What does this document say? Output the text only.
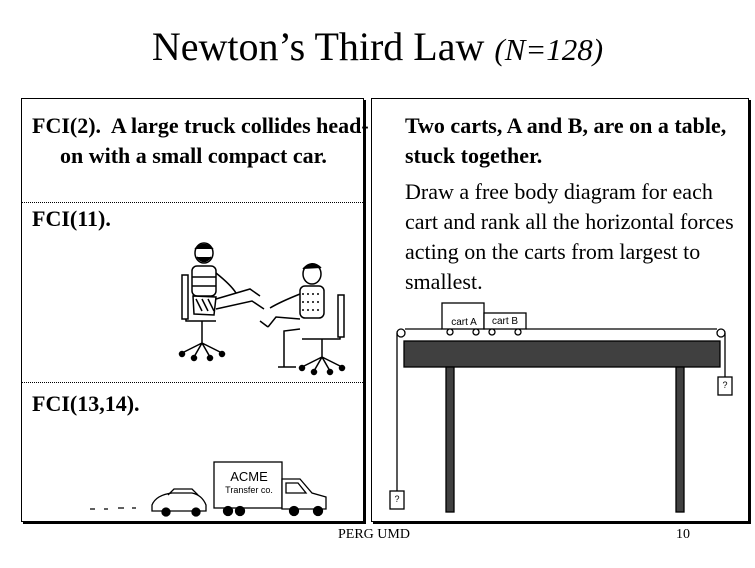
Newton’s Third Law (N=128)
FCI(2). A large truck collides head-on with a small compact car.
FCI(11).
FCI(13,14).
ACME
Transfer co.
Two carts, A and B, are on a table, stuck together.
Draw a free body diagram for each cart and rank all the horizontal forces acting on the carts from largest to smallest.
cart A	cart B
?
?
PERG UMD	10
